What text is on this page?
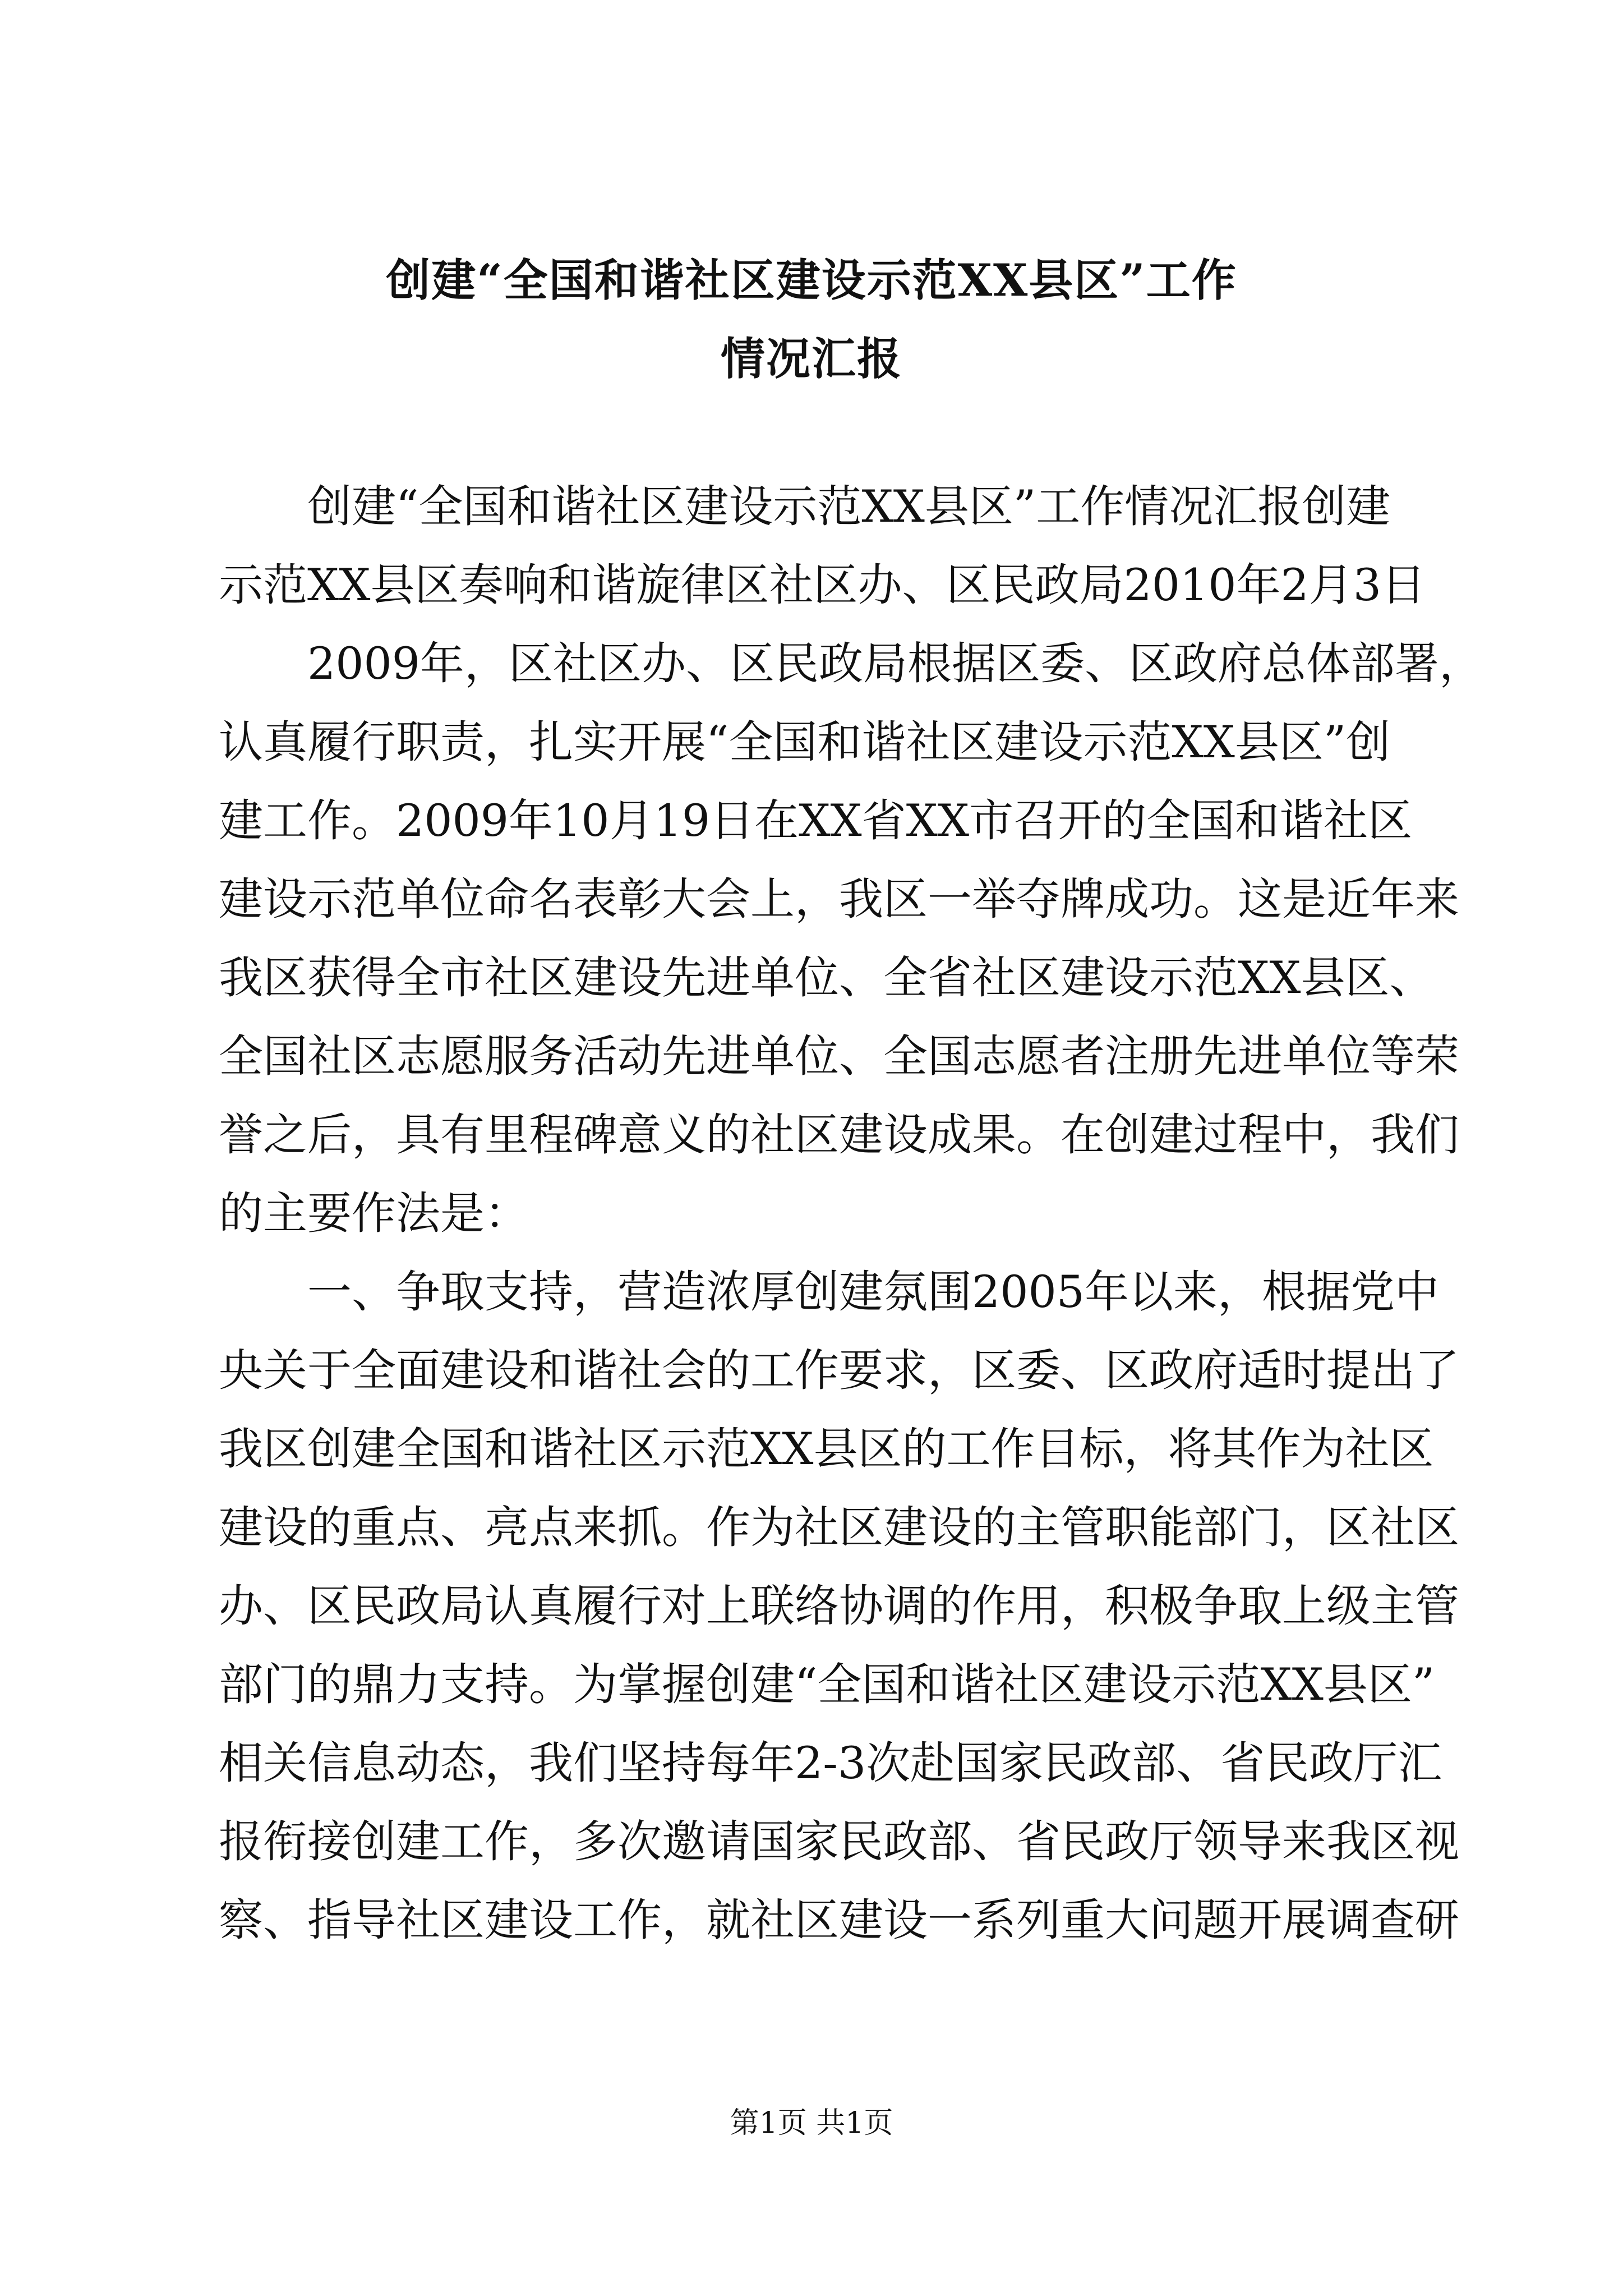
创建“全国和谐社区建设示范XX县区”工作
情况汇报
创建“全国和谐社区建设示范XX县区”工作情况汇报创建
示范XX县区奏响和谐旋律区社区办、区民政局2010年2月3日
2009年，区社区办、区民政局根据区委、区政府总体部署，
认真履行职责，扎实开展“全国和谐社区建设示范XX县区”创
建工作。2009年10月19日在XX省XX市召开的全国和谐社区
建设示范单位命名表彰大会上，我区一举夺牌成功。这是近年来
我区获得全市社区建设先进单位、全省社区建设示范XX县区、
全国社区志愿服务活动先进单位、全国志愿者注册先进单位等荣
誉之后，具有里程碑意义的社区建设成果。在创建过程中，我们
的主要作法是：
一、争取支持，营造浓厚创建氛围2005年以来，根据党中
央关于全面建设和谐社会的工作要求，区委、区政府适时提出了
我区创建全国和谐社区示范XX县区的工作目标，将其作为社区
建设的重点、亮点来抓。作为社区建设的主管职能部门，区社区
办、区民政局认真履行对上联络协调的作用，积极争取上级主管
部门的鼎力支持。为掌握创建“全国和谐社区建设示范XX县区”
相关信息动态，我们坚持每年2-3次赴国家民政部、省民政厅汇
报衔接创建工作，多次邀请国家民政部、省民政厅领导来我区视
察、指导社区建设工作，就社区建设一系列重大问题开展调查研
第1页 共1页
